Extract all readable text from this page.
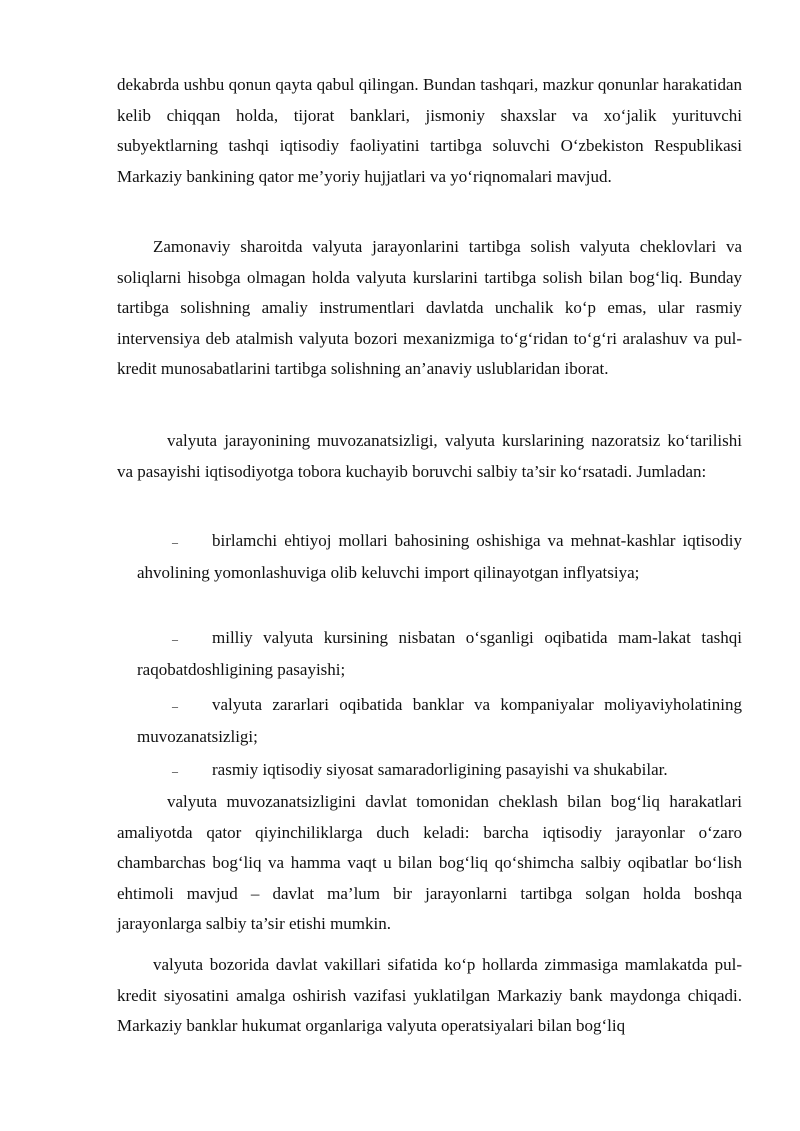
dekabrda ushbu qonun qayta qabul qilingan. Bundan tashqari, mazkur qonunlar harakatidan kelib chiqqan holda, tijorat banklari, jismoniy shaxslar va xo‘jalik yurituvchi subyektlarning tashqi iqtisodiy faoliyatini tartibga soluvchi O‘zbekiston Respublikasi Markaziy bankining qator me’yoriy hujjatlari va yo‘riqnomalari mavjud.

Zamonaviy sharoitda valyuta jarayonlarini tartibga solish valyuta cheklovlari va soliqlarni hisobga olmagan holda valyuta kurslarini tartibga solish bilan bog‘liq. Bunday tartibga solishning amaliy instrumentlari davlatda unchalik ko‘p emas, ular rasmiy intervensiya deb atalmish valyuta bozori mexanizmiga to‘g‘ridan to‘g‘ri aralashuv va pul-kredit munosabatlarini tartibga solishning an’anaviy uslublaridan iborat.

valyuta jarayonining muvozanatsizligi, valyuta kurslarining nazoratsiz ko‘tarilishi va pasayishi iqtisodiyotga tobora kuchayib boruvchi salbiy ta’sir ko‘rsatadi. Jumladan:

– birlamchi ehtiyoj mollari bahosining oshishiga va mehnat-kashlar iqtisodiy ahvolining yomonlashuviga olib keluvchi import qilinayotgan inflyatsiya;
– milliy valyuta kursining nisbatan o‘sganligi oqibatida mam-lakat tashqi raqobatdoshligining pasayishi;
– valyuta zararlari oqibatida banklar va kompaniyalar moliyaviyholatining muvozanatsizligi;
– rasmiy iqtisodiy siyosat samaradorligining pasayishi va shukabilar.

valyuta muvozanatsizligini davlat tomonidan cheklash bilan bog‘liq harakatlari amaliyotda qator qiyinchiliklarga duch keladi: barcha iqtisodiy jarayonlar o‘zaro chambarchas bog‘liq va hamma vaqt u bilan bog‘liq qo‘shimcha salbiy oqibatlar bo‘lish ehtimoli mavjud – davlat ma’lum bir jarayonlarni tartibga solgan holda boshqa jarayonlarga salbiy ta’sir etishi mumkin.

valyuta bozorida davlat vakillari sifatida ko‘p hollarda zimmasiga mamlakatda pul-kredit siyosatini amalga oshirish vazifasi yuklatilgan Markaziy bank maydonga chiqadi. Markaziy banklar hukumat organlariga valyuta operatsiyalari bilan bog‘liq
